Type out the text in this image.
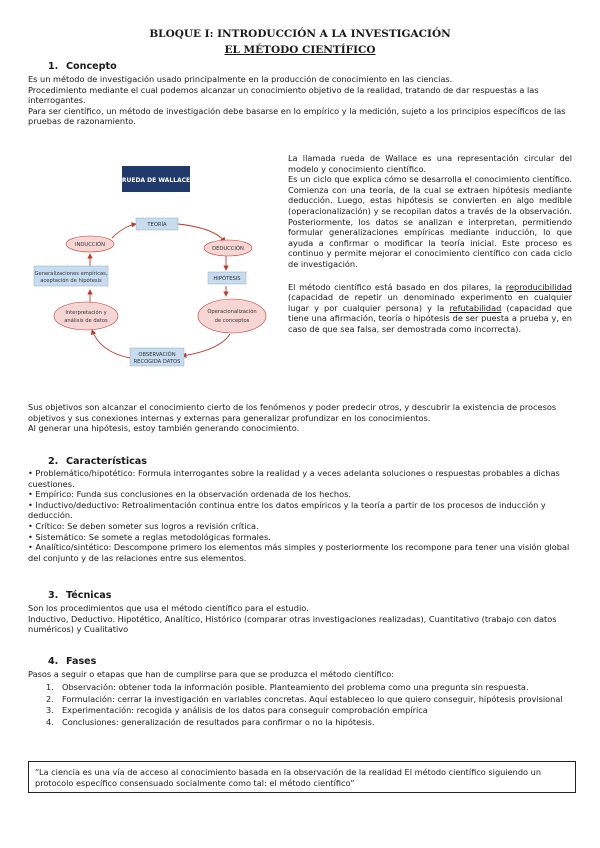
BLOQUE I: INTRODUCCIÓN A LA INVESTIGACIÓN
EL MÉTODO CIENTÍFICO
1. Concepto

Es un método de investigación usado principalmente en la producción de conocimiento en las ciencias.

Procedimiento mediante el cual podemos alcanzar un conocimiento objetivo de la realidad, tratando de dar respuestas a las interrogantes.

Para ser científico, un método de investigación debe basarse en lo empírico y la medición, sujeto a los principios específicos de las pruebas de razonamiento.

RUEDA DE WALLACE
TEORÍA
DEDUCCIÓN
HIPÓTESIS
Operacionalización
de conceptos
OBSERVACIÓN
RECOGIDA DATOS
Interpretación y
análisis de datos
Generalizaciones empíricas,
aceptación de hipótesis
INDUCCIÓN

La llamada rueda de Wallace es una representación circular del modelo y conocimiento científico.
Es un ciclo que explica cómo se desarrolla el conocimiento científico. Comienza con una teoría, de la cual se extraen hipótesis mediante deducción. Luego, estas hipótesis se convierten en algo medible (operacionalización) y se recopilan datos a través de la observación. Posteriormente, los datos se analizan e interpretan, permitiendo formular generalizaciones empíricas mediante inducción, lo que ayuda a confirmar o modificar la teoría inicial. Este proceso es continuo y permite mejorar el conocimiento científico con cada ciclo de investigación.

El método científico está basado en dos pilares, la reproducibilidad (capacidad de repetir un denominado experimento en cualquier lugar y por cualquier persona) y la refutabilidad (capacidad que tiene una afirmación, teoría o hipótesis de ser puesta a prueba y, en caso de que sea falsa, ser demostrada como incorrecta).

Sus objetivos son alcanzar el conocimiento cierto de los fenómenos y poder predecir otros, y descubrir la existencia de procesos objetivos y sus conexiones internas y externas para generalizar profundizar en los conocimientos.

Al generar una hipótesis, estoy también generando conocimiento.

2. Características
• Problemático/hipotético: Formula interrogantes sobre la realidad y a veces adelanta soluciones o respuestas probables a dichas cuestiones.
• Empírico: Funda sus conclusiones en la observación ordenada de los hechos.
• Inductivo/deductivo: Retroalimentación continua entre los datos empíricos y la teoría a partir de los procesos de inducción y deducción.
• Crítico: Se deben someter sus logros a revisión crítica.
• Sistemático: Se somete a reglas metodológicas formales.
• Analítico/sintético: Descompone primero los elementos más simples y posteriormente los recompone para tener una visión global del conjunto y de las relaciones entre sus elementos.
3. Técnicas

Son los procedimientos que usa el método científico para el estudio.

Inductivo, Deductivo. Hipotético, Analítico, Histórico (comparar otras investigaciones realizadas), Cuantitativo (trabajo con datos numéricos) y Cualitativo

4. Fases
Pasos a seguir o etapas que han de cumplirse para que se produzca el método científico:
1. Observación: obtener toda la información posible. Planteamiento del problema como una pregunta sin respuesta.
2. Formulación: cerrar la investigación en variables concretas. Aquí estableceo lo que quiero conseguir, hipótesis provisional
3. Experimentación: recogida y análisis de los datos para conseguir comprobación empírica
4. Conclusiones: generalización de resultados para confirmar o no la hipótesis.
“La ciencia es una vía de acceso al conocimiento basada en la observación de la realidad El método científico siguiendo un protocolo específico consensuado socialmente como tal: el método científico”
